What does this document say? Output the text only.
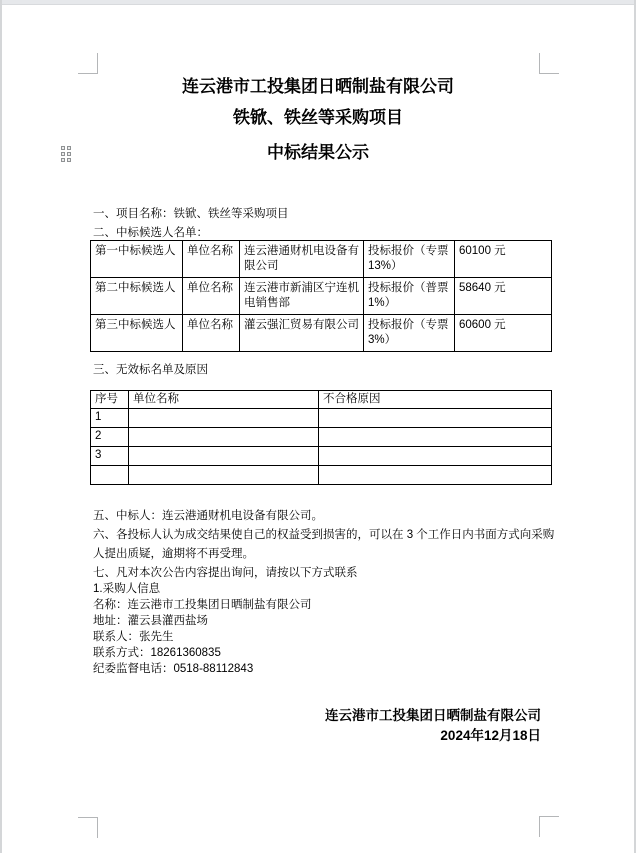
连云港市工投集团日晒制盐有限公司
铁锨、铁丝等采购项目
中标结果公示
一、项目名称：铁锨、铁丝等采购项目
二、中标候选人名单：
第一中标候选人	单位名称	连云港通财机电设备有限公司	投标报价（专票13%）	60100 元
第二中标候选人	单位名称	连云港市新浦区宁连机电销售部	投标报价（普票1%）	58640 元
第三中标候选人	单位名称	灌云强汇贸易有限公司	投标报价（专票3%）	60600 元
三、无效标名单及原因
序号	单位名称	不合格原因
1		
2		
3		

五、中标人：连云港通财机电设备有限公司。
六、各投标人认为成交结果使自己的权益受到损害的，可以在 3 个工作日内书面方式向采购人提出质疑，逾期将不再受理。
七、凡对本次公告内容提出询问，请按以下方式联系
1.采购人信息
名称：连云港市工投集团日晒制盐有限公司
地址：灌云县灌西盐场
联系人：张先生
联系方式：18261360835
纪委监督电话：0518-88112843
连云港市工投集团日晒制盐有限公司
2024年12月18日
